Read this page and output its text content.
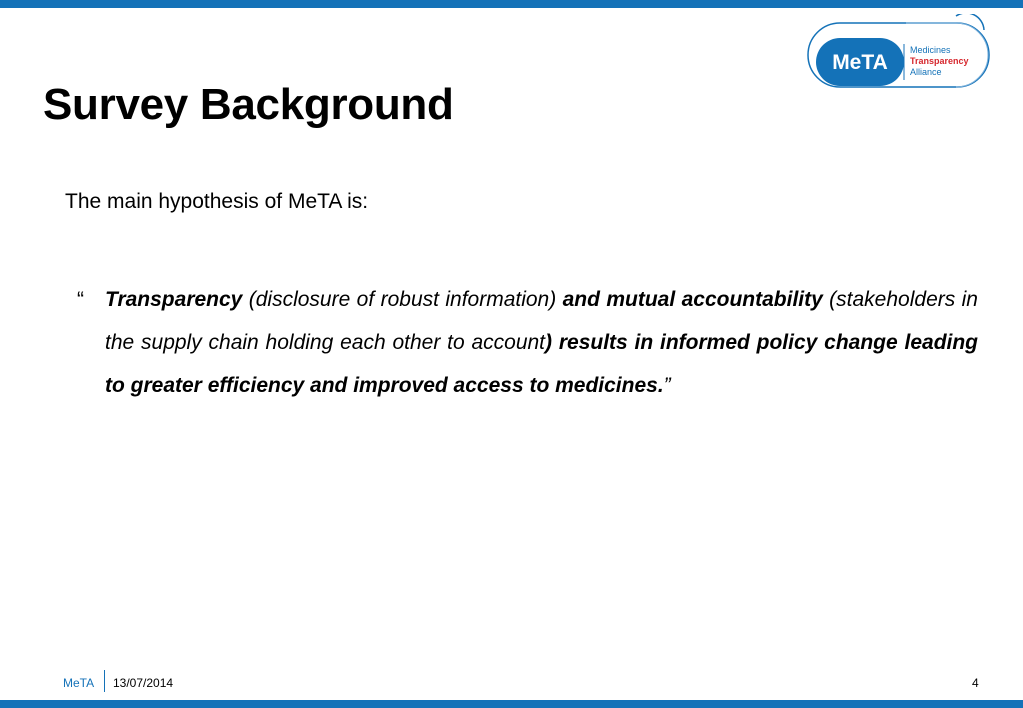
MeTA
Medicines
Transparency
Alliance
Survey Background

The main hypothesis of MeTA is:

“ Transparency (disclosure of robust information) and mutual accountability (stakeholders in the supply chain holding each other to account) results in informed policy change leading to greater efficiency and improved access to medicines.”

MeTA 13/07/2014	4
